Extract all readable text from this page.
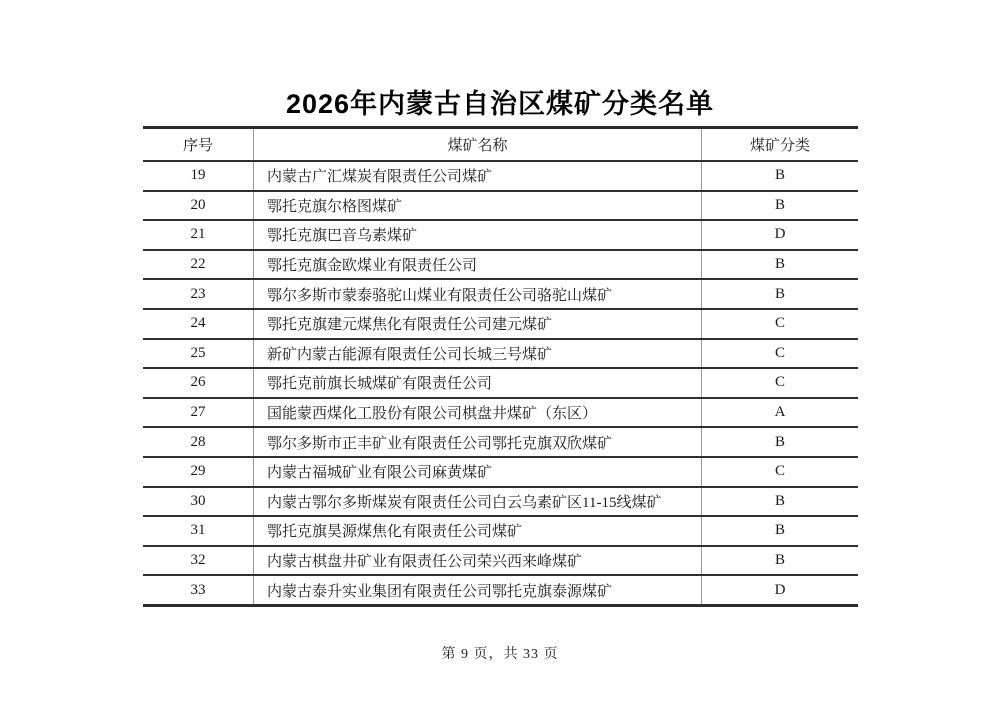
2026年内蒙古自治区煤矿分类名单
序号	煤矿名称	煤矿分类
19	内蒙古广汇煤炭有限责任公司煤矿	B
20	鄂托克旗尔格图煤矿	B
21	鄂托克旗巴音乌素煤矿	D
22	鄂托克旗金欧煤业有限责任公司	B
23	鄂尔多斯市蒙泰骆驼山煤业有限责任公司骆驼山煤矿	B
24	鄂托克旗建元煤焦化有限责任公司建元煤矿	C
25	新矿内蒙古能源有限责任公司长城三号煤矿	C
26	鄂托克前旗长城煤矿有限责任公司	C
27	国能蒙西煤化工股份有限公司棋盘井煤矿（东区）	A
28	鄂尔多斯市正丰矿业有限责任公司鄂托克旗双欣煤矿	B
29	内蒙古福城矿业有限公司麻黄煤矿	C
30	内蒙古鄂尔多斯煤炭有限责任公司白云乌素矿区11-15线煤矿	B
31	鄂托克旗昊源煤焦化有限责任公司煤矿	B
32	内蒙古棋盘井矿业有限责任公司荣兴西来峰煤矿	B
33	内蒙古泰升实业集团有限责任公司鄂托克旗泰源煤矿	D
第 9 页，共 33 页
